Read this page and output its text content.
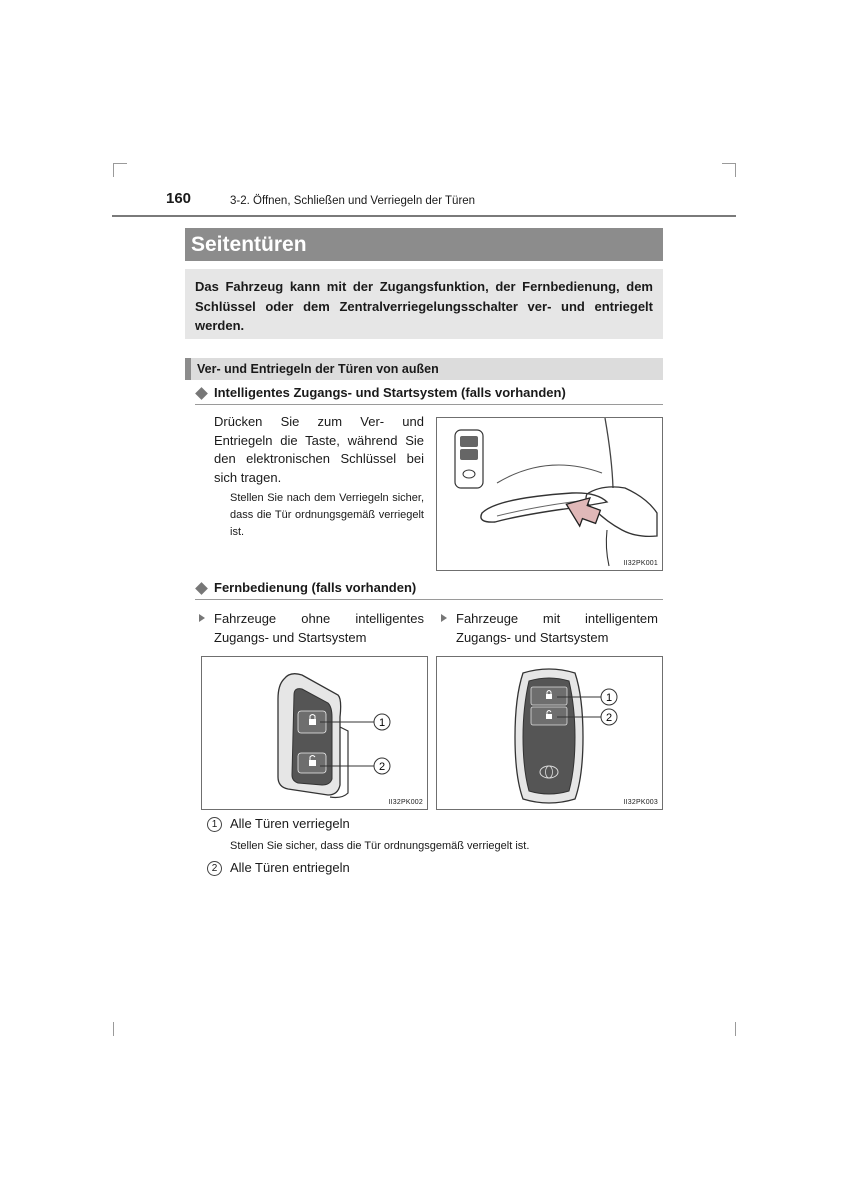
160	3-2. Öffnen, Schließen und Verriegeln der Türen
Seitentüren
Das Fahrzeug kann mit der Zugangsfunktion, der Fernbedienung, dem Schlüssel oder dem Zentralverriegelungsschalter ver- und entriegelt werden.
Ver- und Entriegeln der Türen von außen
Intelligentes Zugangs- und Startsystem (falls vorhanden)
Drücken Sie zum Ver- und Entriegeln die Taste, während Sie den elektronischen Schlüssel bei sich tragen.
Stellen Sie nach dem Verriegeln sicher, dass die Tür ordnungsgemäß verriegelt ist.
II32PK001
Fernbedienung (falls vorhanden)
Fahrzeuge ohne intelligentes Zugangs- und Startsystem
Fahrzeuge mit intelligentem Zugangs- und Startsystem
1
2
II32PK002
1
2
II32PK003
1 Alle Türen verriegeln
Stellen Sie sicher, dass die Tür ordnungsgemäß verriegelt ist.
2 Alle Türen entriegeln
